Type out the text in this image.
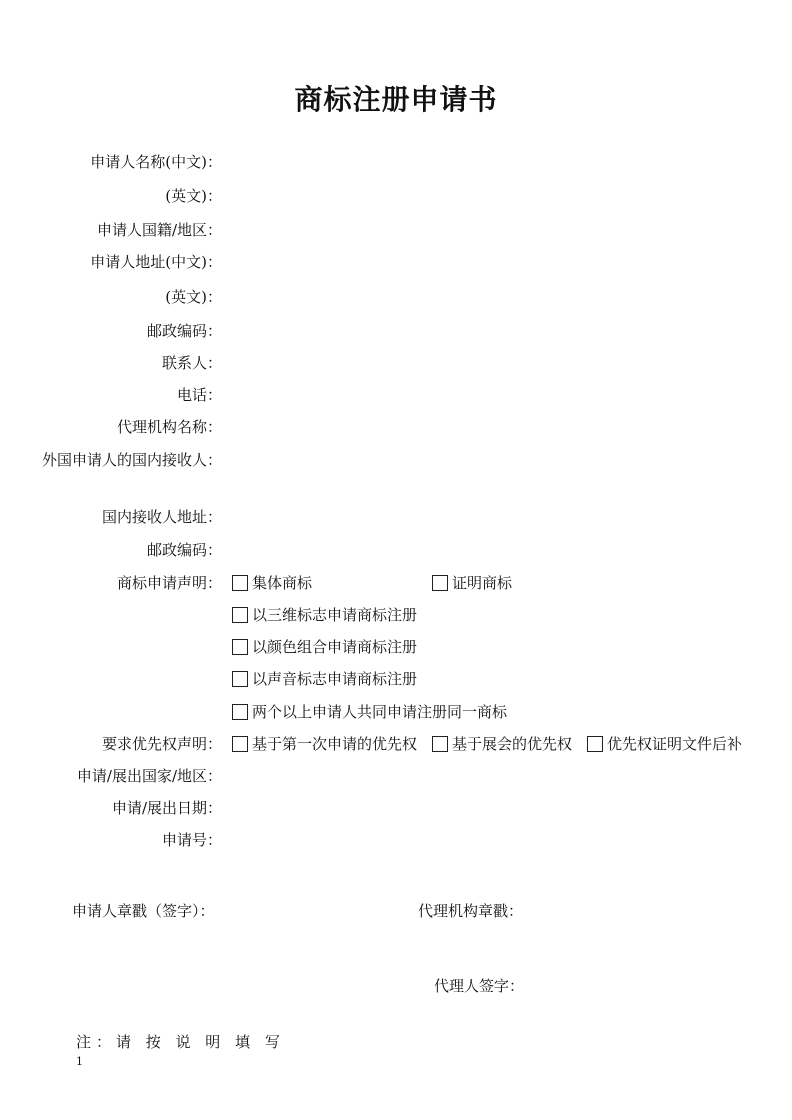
商标注册申请书
申请人名称(中文)：
(英文)：
申请人国籍/地区：
申请人地址(中文)：
(英文)：
邮政编码：
联系人：
电话：
代理机构名称：
外国申请人的国内接收人：
国内接收人地址：
邮政编码：
商标申请声明：
要求优先权声明：
申请/展出国家/地区：
申请/展出日期：
申请号：
集体商标	证明商标
以三维标志申请商标注册
以颜色组合申请商标注册
以声音标志申请商标注册
两个以上申请人共同申请注册同一商标
基于第一次申请的优先权 基于展会的优先权 优先权证明文件后补
申请人章戳（签字）：	代理机构章戳：
代理人签字：
注：请 按 说 明 填 写
1
